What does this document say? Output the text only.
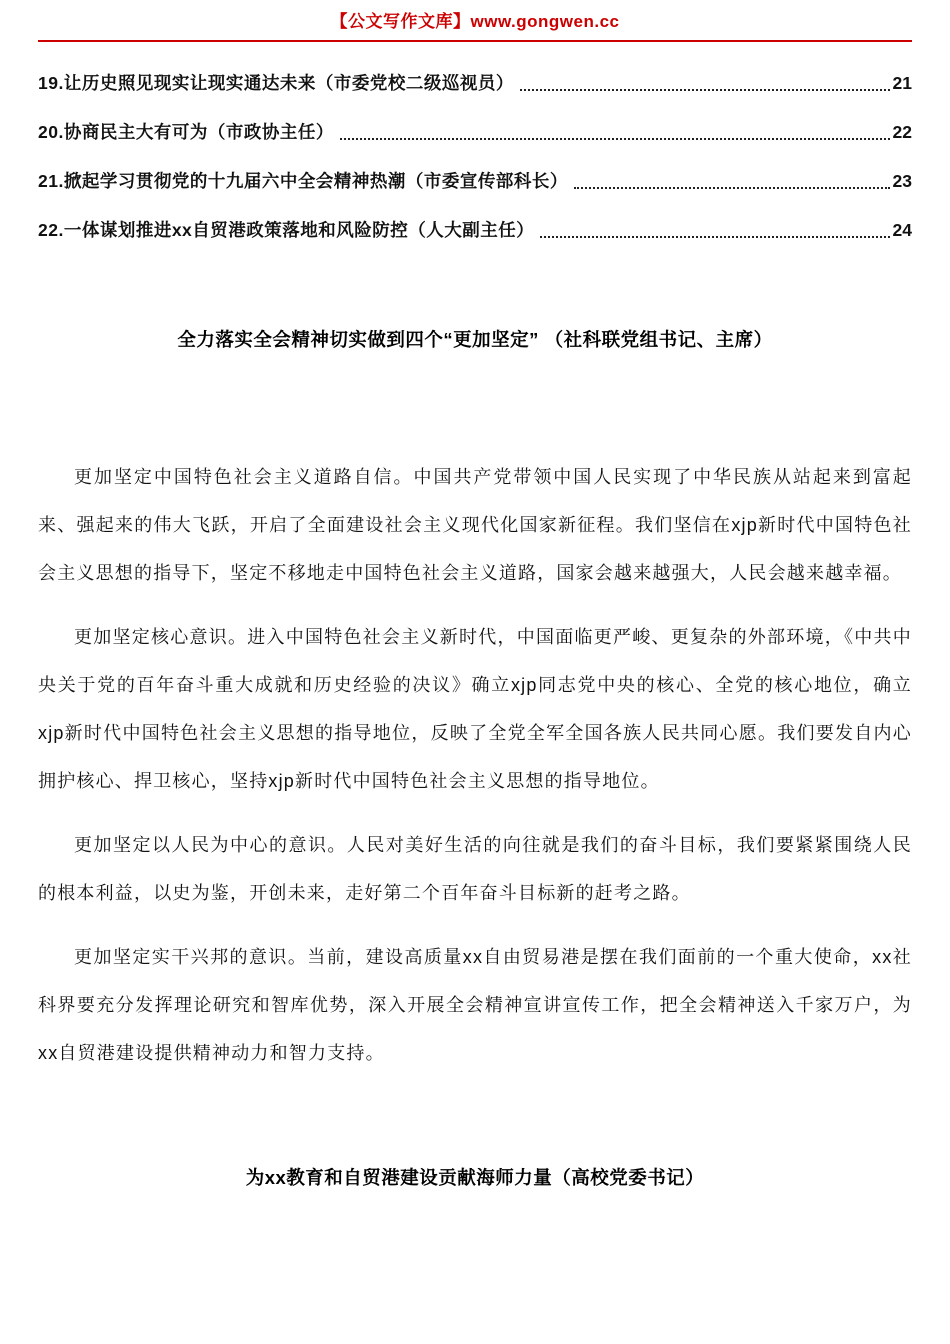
【公文写作文库】www.gongwen.cc
19.让历史照见现实让现实通达未来（市委党校二级巡视员）	21
20.协商民主大有可为（市政协主任）	22
21.掀起学习贯彻党的十九届六中全会精神热潮（市委宣传部科长）	23
22.一体谋划推进xx自贸港政策落地和风险防控（人大副主任）	24
全力落实全会精神切实做到四个“更加坚定” （社科联党组书记、主席）

更加坚定中国特色社会主义道路自信。中国共产党带领中国人民实现了中华民族从站起来到富起来、强起来的伟大飞跃，开启了全面建设社会主义现代化国家新征程。我们坚信在xjp新时代中国特色社会主义思想的指导下，坚定不移地走中国特色社会主义道路，国家会越来越强大，人民会越来越幸福。

更加坚定核心意识。进入中国特色社会主义新时代，中国面临更严峻、更复杂的外部环境，《中共中央关于党的百年奋斗重大成就和历史经验的决议》确立xjp同志党中央的核心、全党的核心地位，确立xjp新时代中国特色社会主义思想的指导地位，反映了全党全军全国各族人民共同心愿。我们要发自内心拥护核心、捍卫核心，坚持xjp新时代中国特色社会主义思想的指导地位。

更加坚定以人民为中心的意识。人民对美好生活的向往就是我们的奋斗目标，我们要紧紧围绕人民的根本利益，以史为鉴，开创未来，走好第二个百年奋斗目标新的赶考之路。

更加坚定实干兴邦的意识。当前，建设高质量xx自由贸易港是摆在我们面前的一个重大使命，xx社科界要充分发挥理论研究和智库优势，深入开展全会精神宣讲宣传工作，把全会精神送入千家万户，为xx自贸港建设提供精神动力和智力支持。

为xx教育和自贸港建设贡献海师力量（高校党委书记）
